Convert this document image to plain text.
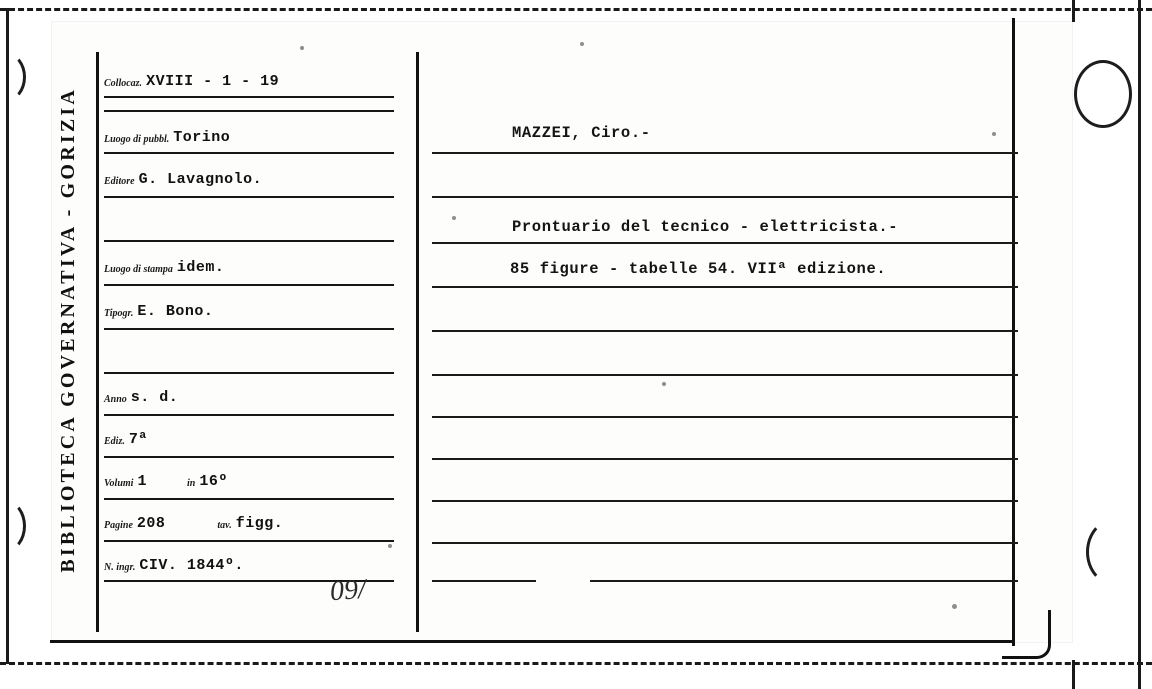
BIBLIOTECA GOVERNATIVA - GORIZIA
Collocaz. XVIII - 1 - 19
Luogo di pubbl. Torino
Editore G. Lavagnolo.
Luogo di stampa idem.
Tipogr. E. Bono.
Anno s. d.
Ediz. 7ª
Volumi 1	in 16º
Pagine 208	tav. figg.
N. ingr. CIV. 1844º.
09/
MAZZEI, Ciro.-
Prontuario del tecnico - elettricista.-
85 figure - tabelle 54. VIIª edizione.
